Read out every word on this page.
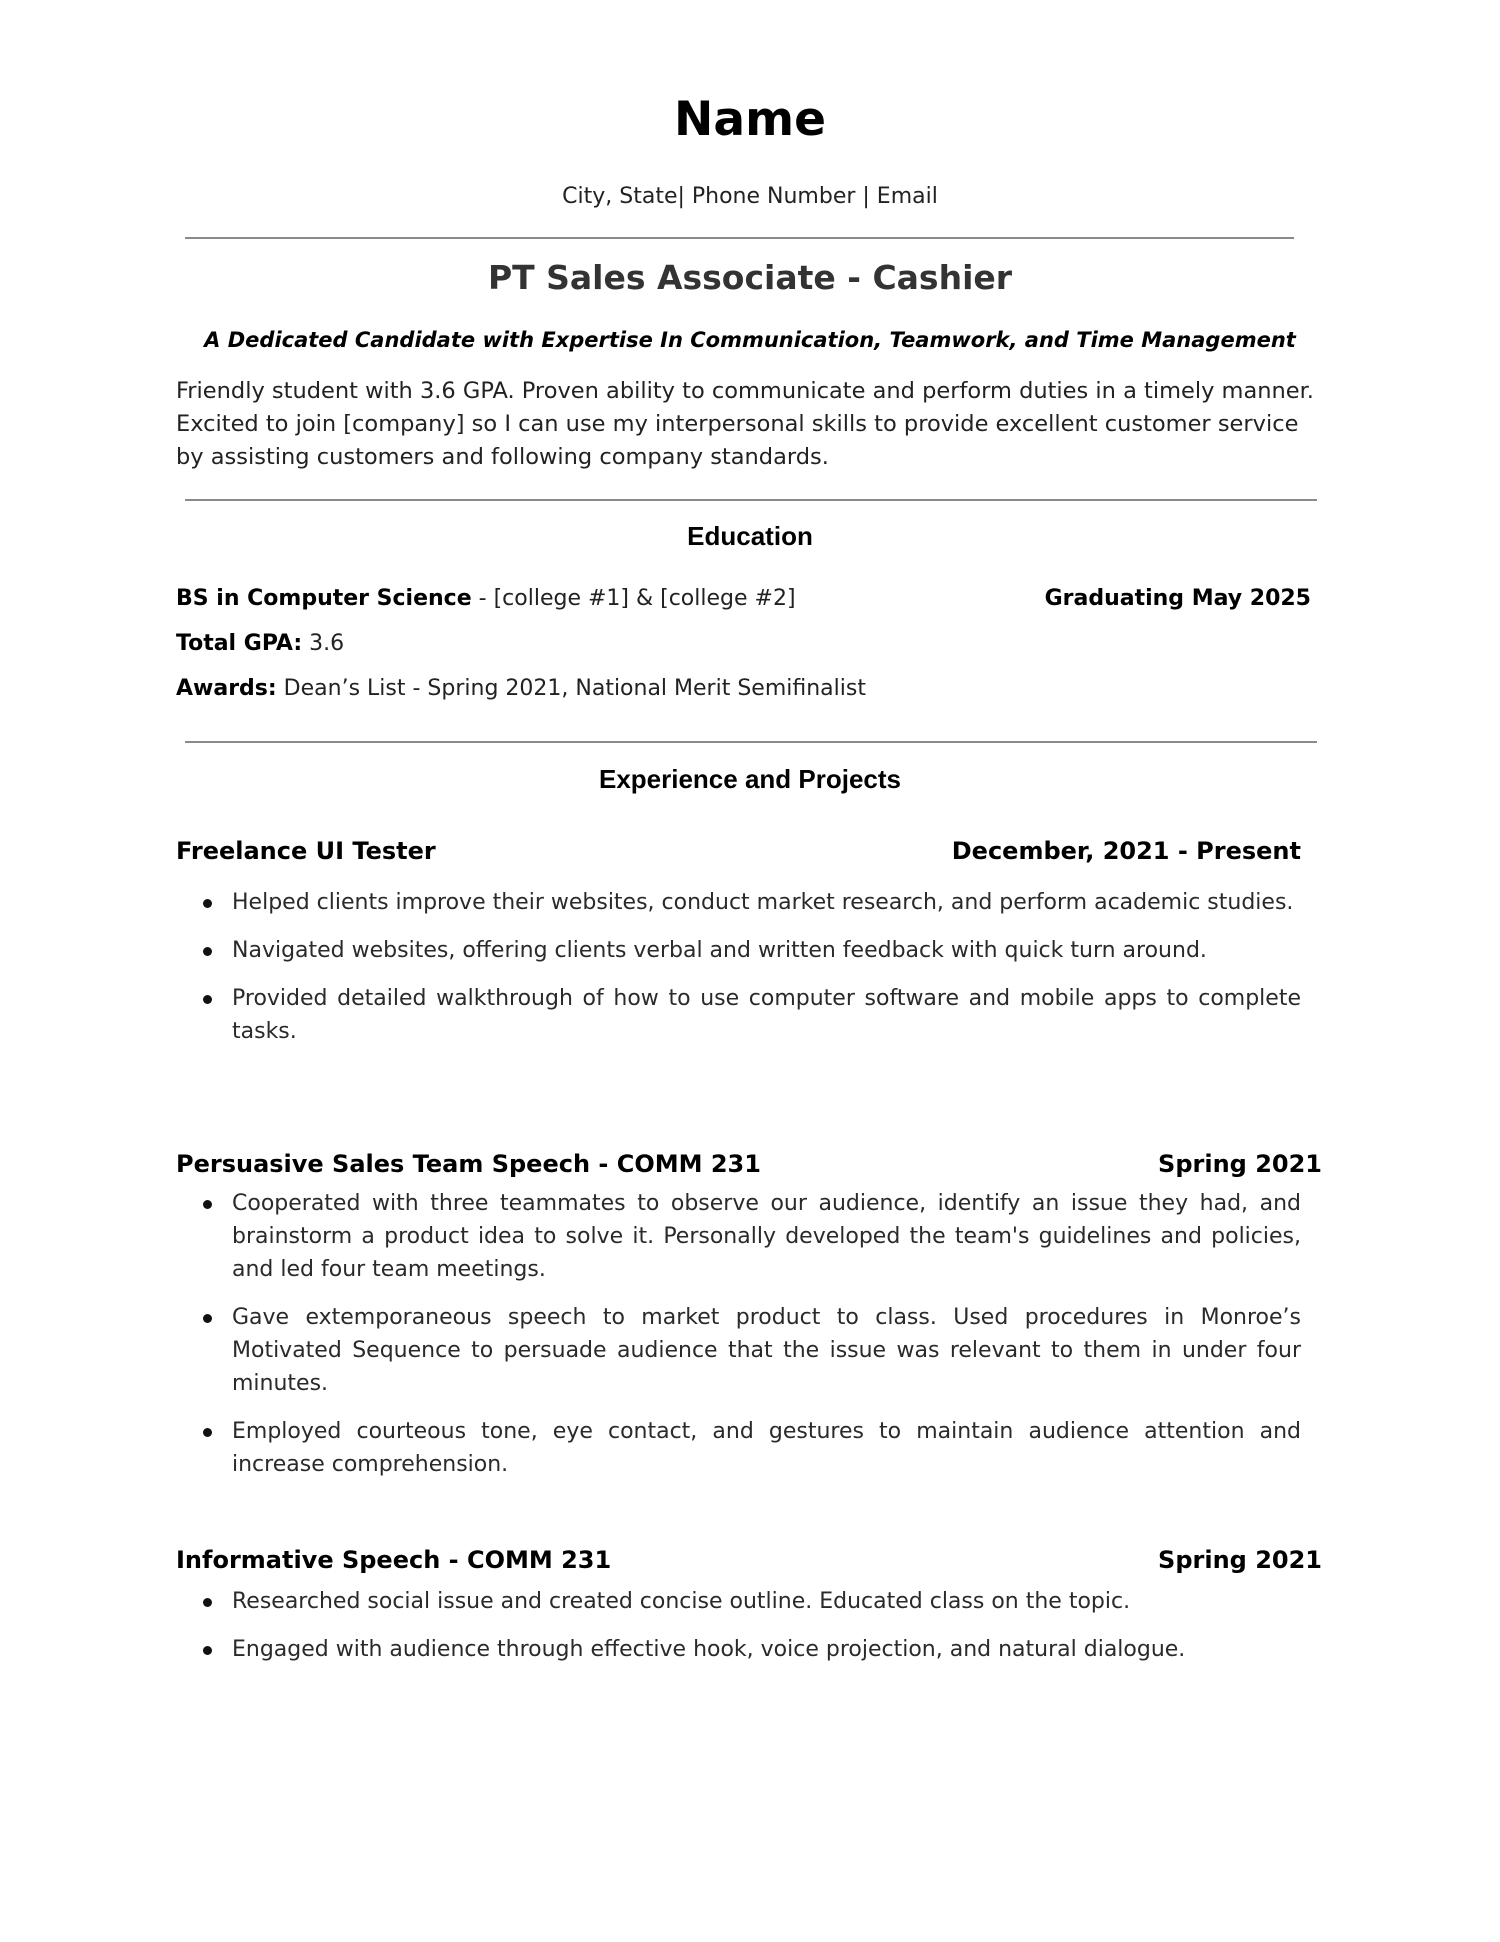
Name
City, State| Phone Number | Email
PT Sales Associate - Cashier
A Dedicated Candidate with Expertise In Communication, Teamwork, and Time Management

Friendly student with 3.6 GPA. Proven ability to communicate and perform duties in a timely manner. Excited to join [company] so I can use my interpersonal skills to provide excellent customer service by assisting customers and following company standards.

Education
BS in Computer Science - [college #1] & [college #2]	Graduating May 2025
Total GPA: 3.6
Awards: Dean’s List - Spring 2021, National Merit Semifinalist
Experience and Projects
Freelance UI Tester	December, 2021 - Present
Helped clients improve their websites, conduct market research, and perform academic studies.
Navigated websites, offering clients verbal and written feedback with quick turn around.
Provided detailed walkthrough of how to use computer software and mobile apps to complete tasks.
Persuasive Sales Team Speech - COMM 231	Spring 2021
Cooperated with three teammates to observe our audience, identify an issue they had, and brainstorm a product idea to solve it. Personally developed the team's guidelines and policies, and led four team meetings.
Gave extemporaneous speech to market product to class. Used procedures in Monroe’s Motivated Sequence to persuade audience that the issue was relevant to them in under four minutes.
Employed courteous tone, eye contact, and gestures to maintain audience attention and increase comprehension.
Informative Speech - COMM 231	Spring 2021
Researched social issue and created concise outline. Educated class on the topic.
Engaged with audience through effective hook, voice projection, and natural dialogue.
